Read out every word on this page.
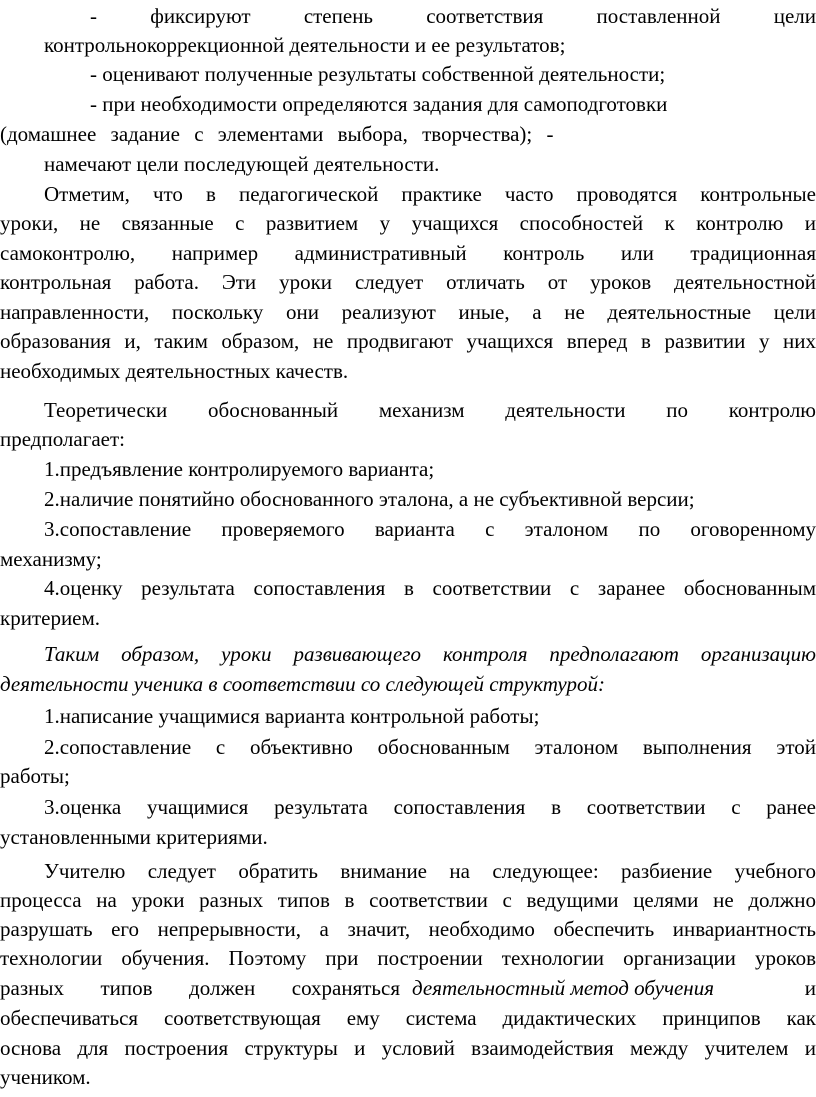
- фиксируют степень соответствия поставленной цели
контрольнокоррекционной деятельности и ее результатов;
- оценивают полученные результаты собственной деятельности;
- при необходимости определяются задания для самоподготовки
(домашнее задание с элементами выбора, творчества); -
намечают цели последующей деятельности.
Отметим, что в педагогической практике часто проводятся контрольные
уроки, не связанные с развитием у учащихся способностей к контролю и
самоконтролю, например административный контроль или традиционная
контрольная работа. Эти уроки следует отличать от уроков деятельностной
направленности, поскольку они реализуют иные, а не деятельностные цели
образования и, таким образом, не продвигают учащихся вперед в развитии у них
необходимых деятельностных качеств.
Теоретически обоснованный механизм деятельности по контролю
предполагает:
1.предъявление контролируемого варианта;
2.наличие понятийно обоснованного эталона, а не субъективной версии;
3.сопоставление проверяемого варианта с эталоном по оговоренному
механизму;
4.оценку результата сопоставления в соответствии с заранее обоснованным
критерием.
Таким образом, уроки развивающего контроля предполагают организацию
деятельности ученика в соответствии со следующей структурой:
1.написание учащимися варианта контрольной работы;
2.сопоставление с объективно обоснованным эталоном выполнения этой
работы;
3.оценка учащимися результата сопоставления в соответствии с ранее
установленными критериями.
Учителю следует обратить внимание на следующее: разбиение учебного
процесса на уроки разных типов в соответствии с ведущими целями не должно
разрушать его непрерывности, а значит, необходимо обеспечить инвариантность
технологии обучения. Поэтому при построении технологии организации уроков
разных типов должен сохраняться деятельностный метод обучения	и
обеспечиваться соответствующая ему система дидактических принципов как
основа для построения структуры и условий взаимодействия между учителем и
учеником.
